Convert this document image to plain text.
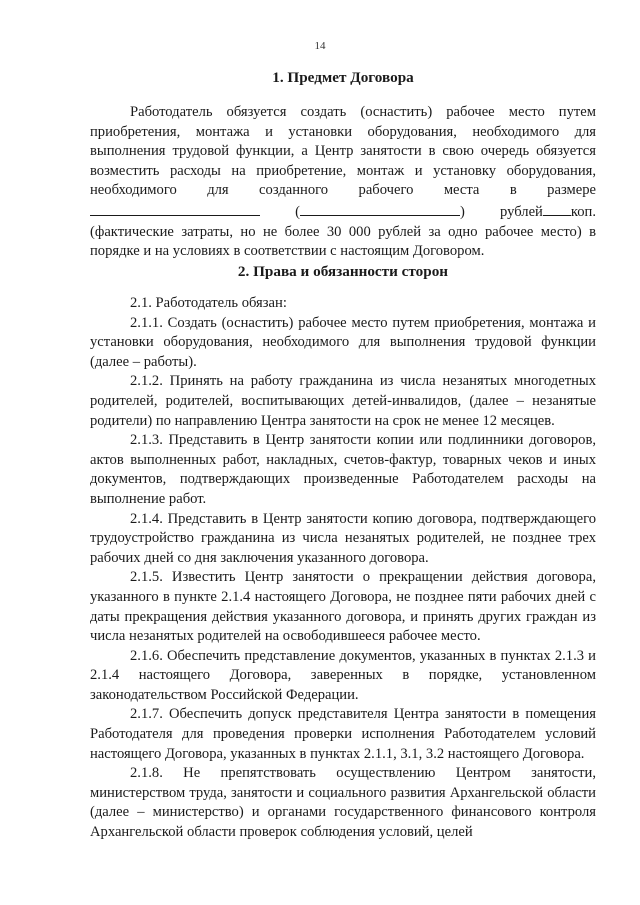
14
1. Предмет Договора

Работодатель обязуется создать (оснастить) рабочее место путем приобретения, монтажа и установки оборудования, необходимого для выполнения трудовой функции, а Центр занятости в свою очередь обязуется возместить расходы на приобретение, монтаж и установку оборудования, необходимого для созданного рабочего места в размере  (	) рублей коп. (фактические затраты, но не более 30 000 рублей за одно рабочее место) в порядке и на условиях в соответствии с настоящим Договором.

2. Права и обязанности сторон

2.1. Работодатель обязан:

2.1.1. Создать (оснастить) рабочее место путем приобретения, монтажа и установки оборудования, необходимого для выполнения трудовой функции (далее – работы).

2.1.2. Принять на работу гражданина из числа незанятых многодетных родителей, родителей, воспитывающих детей-инвалидов, (далее – незанятые родители) по направлению Центра занятости на срок не менее 12 месяцев.

2.1.3. Представить в Центр занятости копии или подлинники договоров, актов выполненных работ, накладных, счетов-фактур, товарных чеков и иных документов, подтверждающих произведенные Работодателем расходы на выполнение работ.

2.1.4. Представить в Центр занятости копию договора, подтверждающего трудоустройство гражданина из числа незанятых родителей, не позднее трех рабочих дней со дня заключения указанного договора.

2.1.5. Известить Центр занятости о прекращении действия договора, указанного в пункте 2.1.4 настоящего Договора, не позднее пяти рабочих дней с даты прекращения действия указанного договора, и принять других граждан из числа незанятых родителей на освободившееся рабочее место.

2.1.6. Обеспечить представление документов, указанных в пунктах 2.1.3 и 2.1.4 настоящего Договора, заверенных в порядке, установленном законодательством Российской Федерации.

2.1.7. Обеспечить допуск представителя Центра занятости в помещения Работодателя для проведения проверки исполнения Работодателем условий настоящего Договора, указанных в пунктах 2.1.1, 3.1, 3.2 настоящего Договора.

2.1.8. Не препятствовать осуществлению Центром занятости, министерством труда, занятости и социального развития Архангельской области (далее – министерство) и органами государственного финансового контроля Архангельской области проверок соблюдения условий, целей
